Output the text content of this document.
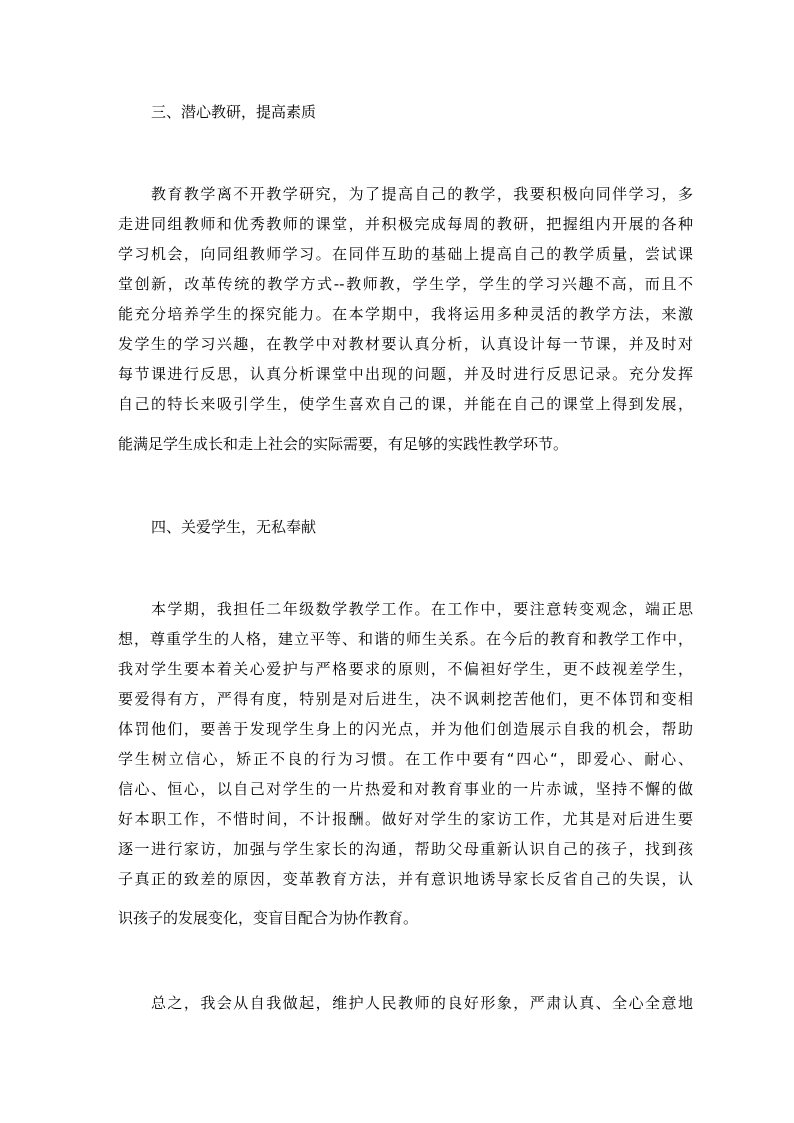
三、潜心教研，提高素质
　　教育教学离不开教学研究，为了提高自己的教学，我要积极向同伴学习，多
走进同组教师和优秀教师的课堂，并积极完成每周的教研，把握组内开展的各种
学习机会，向同组教师学习。在同伴互助的基础上提高自己的教学质量，尝试课
堂创新，改革传统的教学方式--教师教，学生学，学生的学习兴趣不高，而且不
能充分培养学生的探究能力。在本学期中，我将运用多种灵活的教学方法，来激
发学生的学习兴趣，在教学中对教材要认真分析，认真设计每一节课，并及时对
每节课进行反思，认真分析课堂中出现的问题，并及时进行反思记录。充分发挥
自己的特长来吸引学生，使学生喜欢自己的课，并能在自己的课堂上得到发展，
能满足学生成长和走上社会的实际需要，有足够的实践性教学环节。
四、关爱学生，无私奉献
　　本学期，我担任二年级数学教学工作。在工作中，要注意转变观念，端正思
想，尊重学生的人格，建立平等、和谐的师生关系。在今后的教育和教学工作中，
我对学生要本着关心爱护与严格要求的原则，不偏袒好学生，更不歧视差学生，
要爱得有方，严得有度，特别是对后进生，决不讽刺挖苦他们，更不体罚和变相
体罚他们，要善于发现学生身上的闪光点，并为他们创造展示自我的机会，帮助
学生树立信心，矫正不良的行为习惯。在工作中要有“四心“，即爱心、耐心、
信心、恒心，以自己对学生的一片热爱和对教育事业的一片赤诚，坚持不懈的做
好本职工作，不惜时间，不计报酬。做好对学生的家访工作，尤其是对后进生要
逐一进行家访，加强与学生家长的沟通，帮助父母重新认识自己的孩子，找到孩
子真正的致差的原因，变革教育方法，并有意识地诱导家长反省自己的失误，认
识孩子的发展变化，变盲目配合为协作教育。
　　总之，我会从自我做起，维护人民教师的良好形象，严肃认真、全心全意地
